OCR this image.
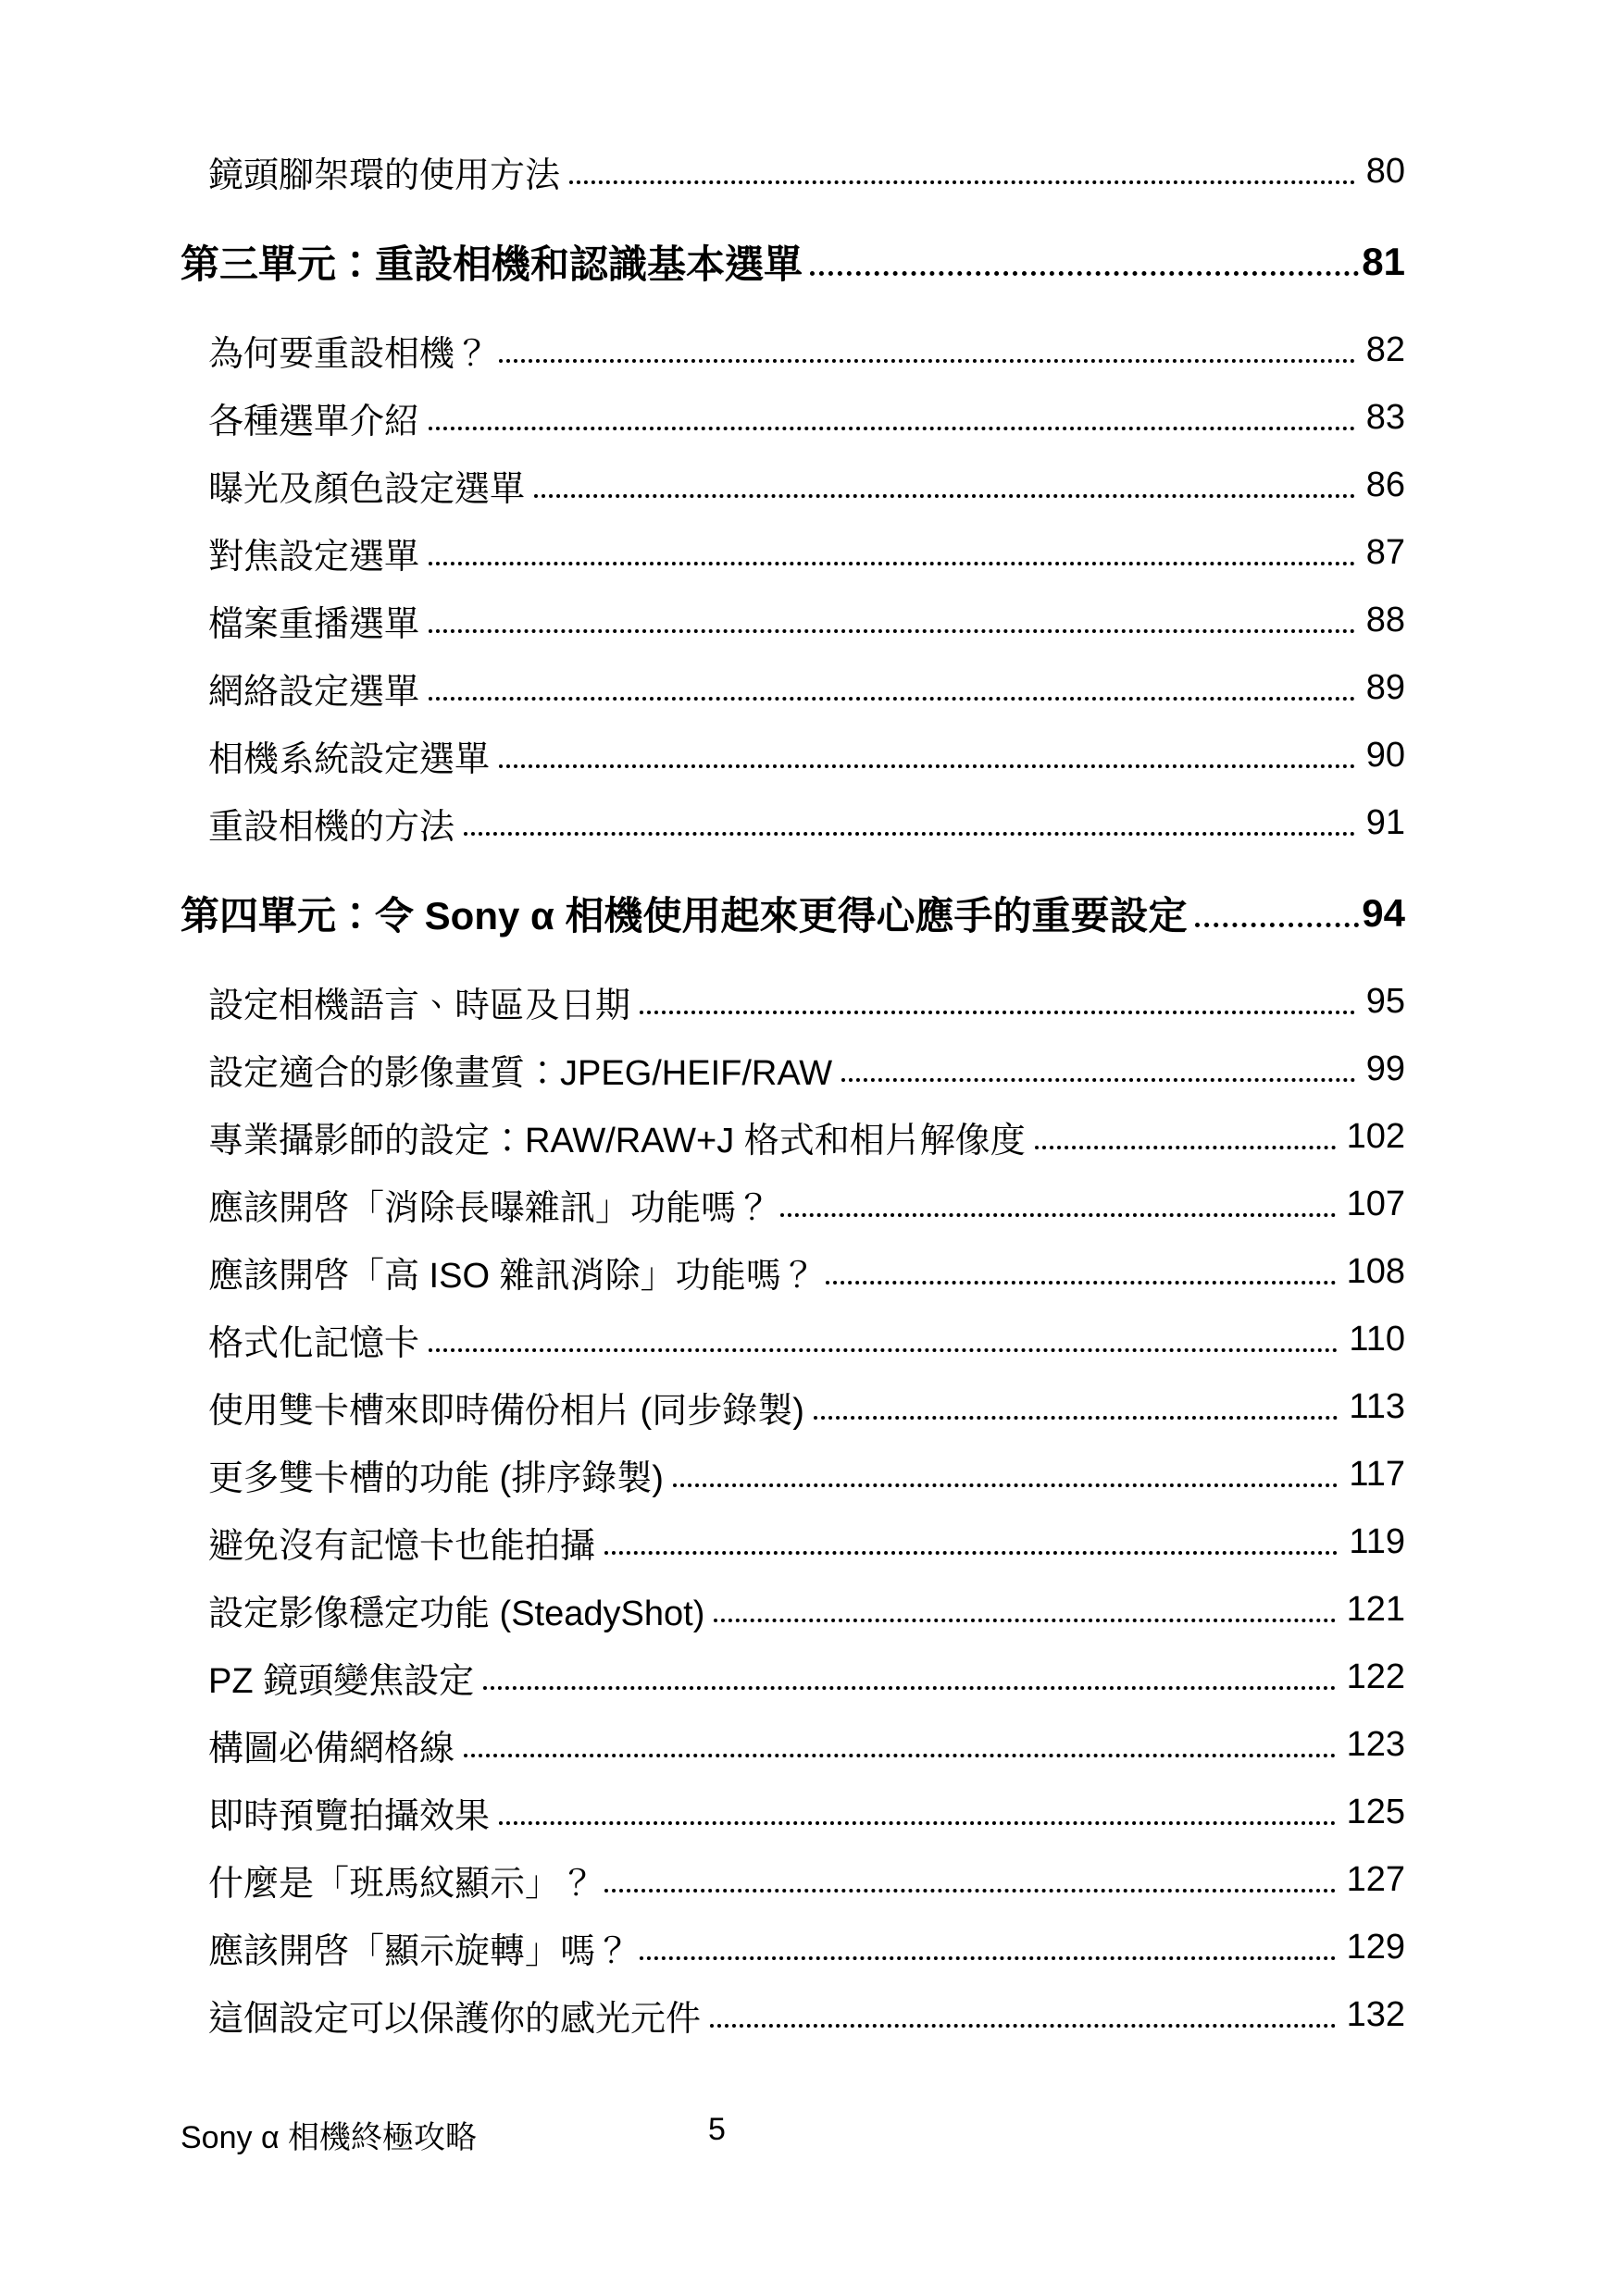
鏡頭腳架環的使用方法	80
第三單元：重設相機和認識基本選單	81
為何要重設相機？	82
各種選單介紹	83
曝光及顏色設定選單	86
對焦設定選單	87
檔案重播選單	88
網絡設定選單	89
相機系統設定選單	90
重設相機的方法	91
第四單元：令 Sony α 相機使用起來更得心應手的重要設定	94
設定相機語言、時區及日期	95
設定適合的影像畫質：JPEG/HEIF/RAW	99
專業攝影師的設定：RAW/RAW+J 格式和相片解像度	102
應該開啓「消除長曝雜訊」功能嗎？	107
應該開啓「高 ISO 雜訊消除」功能嗎？	108
格式化記憶卡	110
使用雙卡槽來即時備份相片 (同步錄製)	113
更多雙卡槽的功能 (排序錄製)	117
避免沒有記憶卡也能拍攝	119
設定影像穩定功能 (SteadyShot)	121
PZ 鏡頭變焦設定	122
構圖必備網格線	123
即時預覽拍攝效果	125
什麼是「班馬紋顯示」？	127
應該開啓「顯示旋轉」嗎？	129
這個設定可以保護你的感光元件	132
Sony α 相機終極攻略	5
